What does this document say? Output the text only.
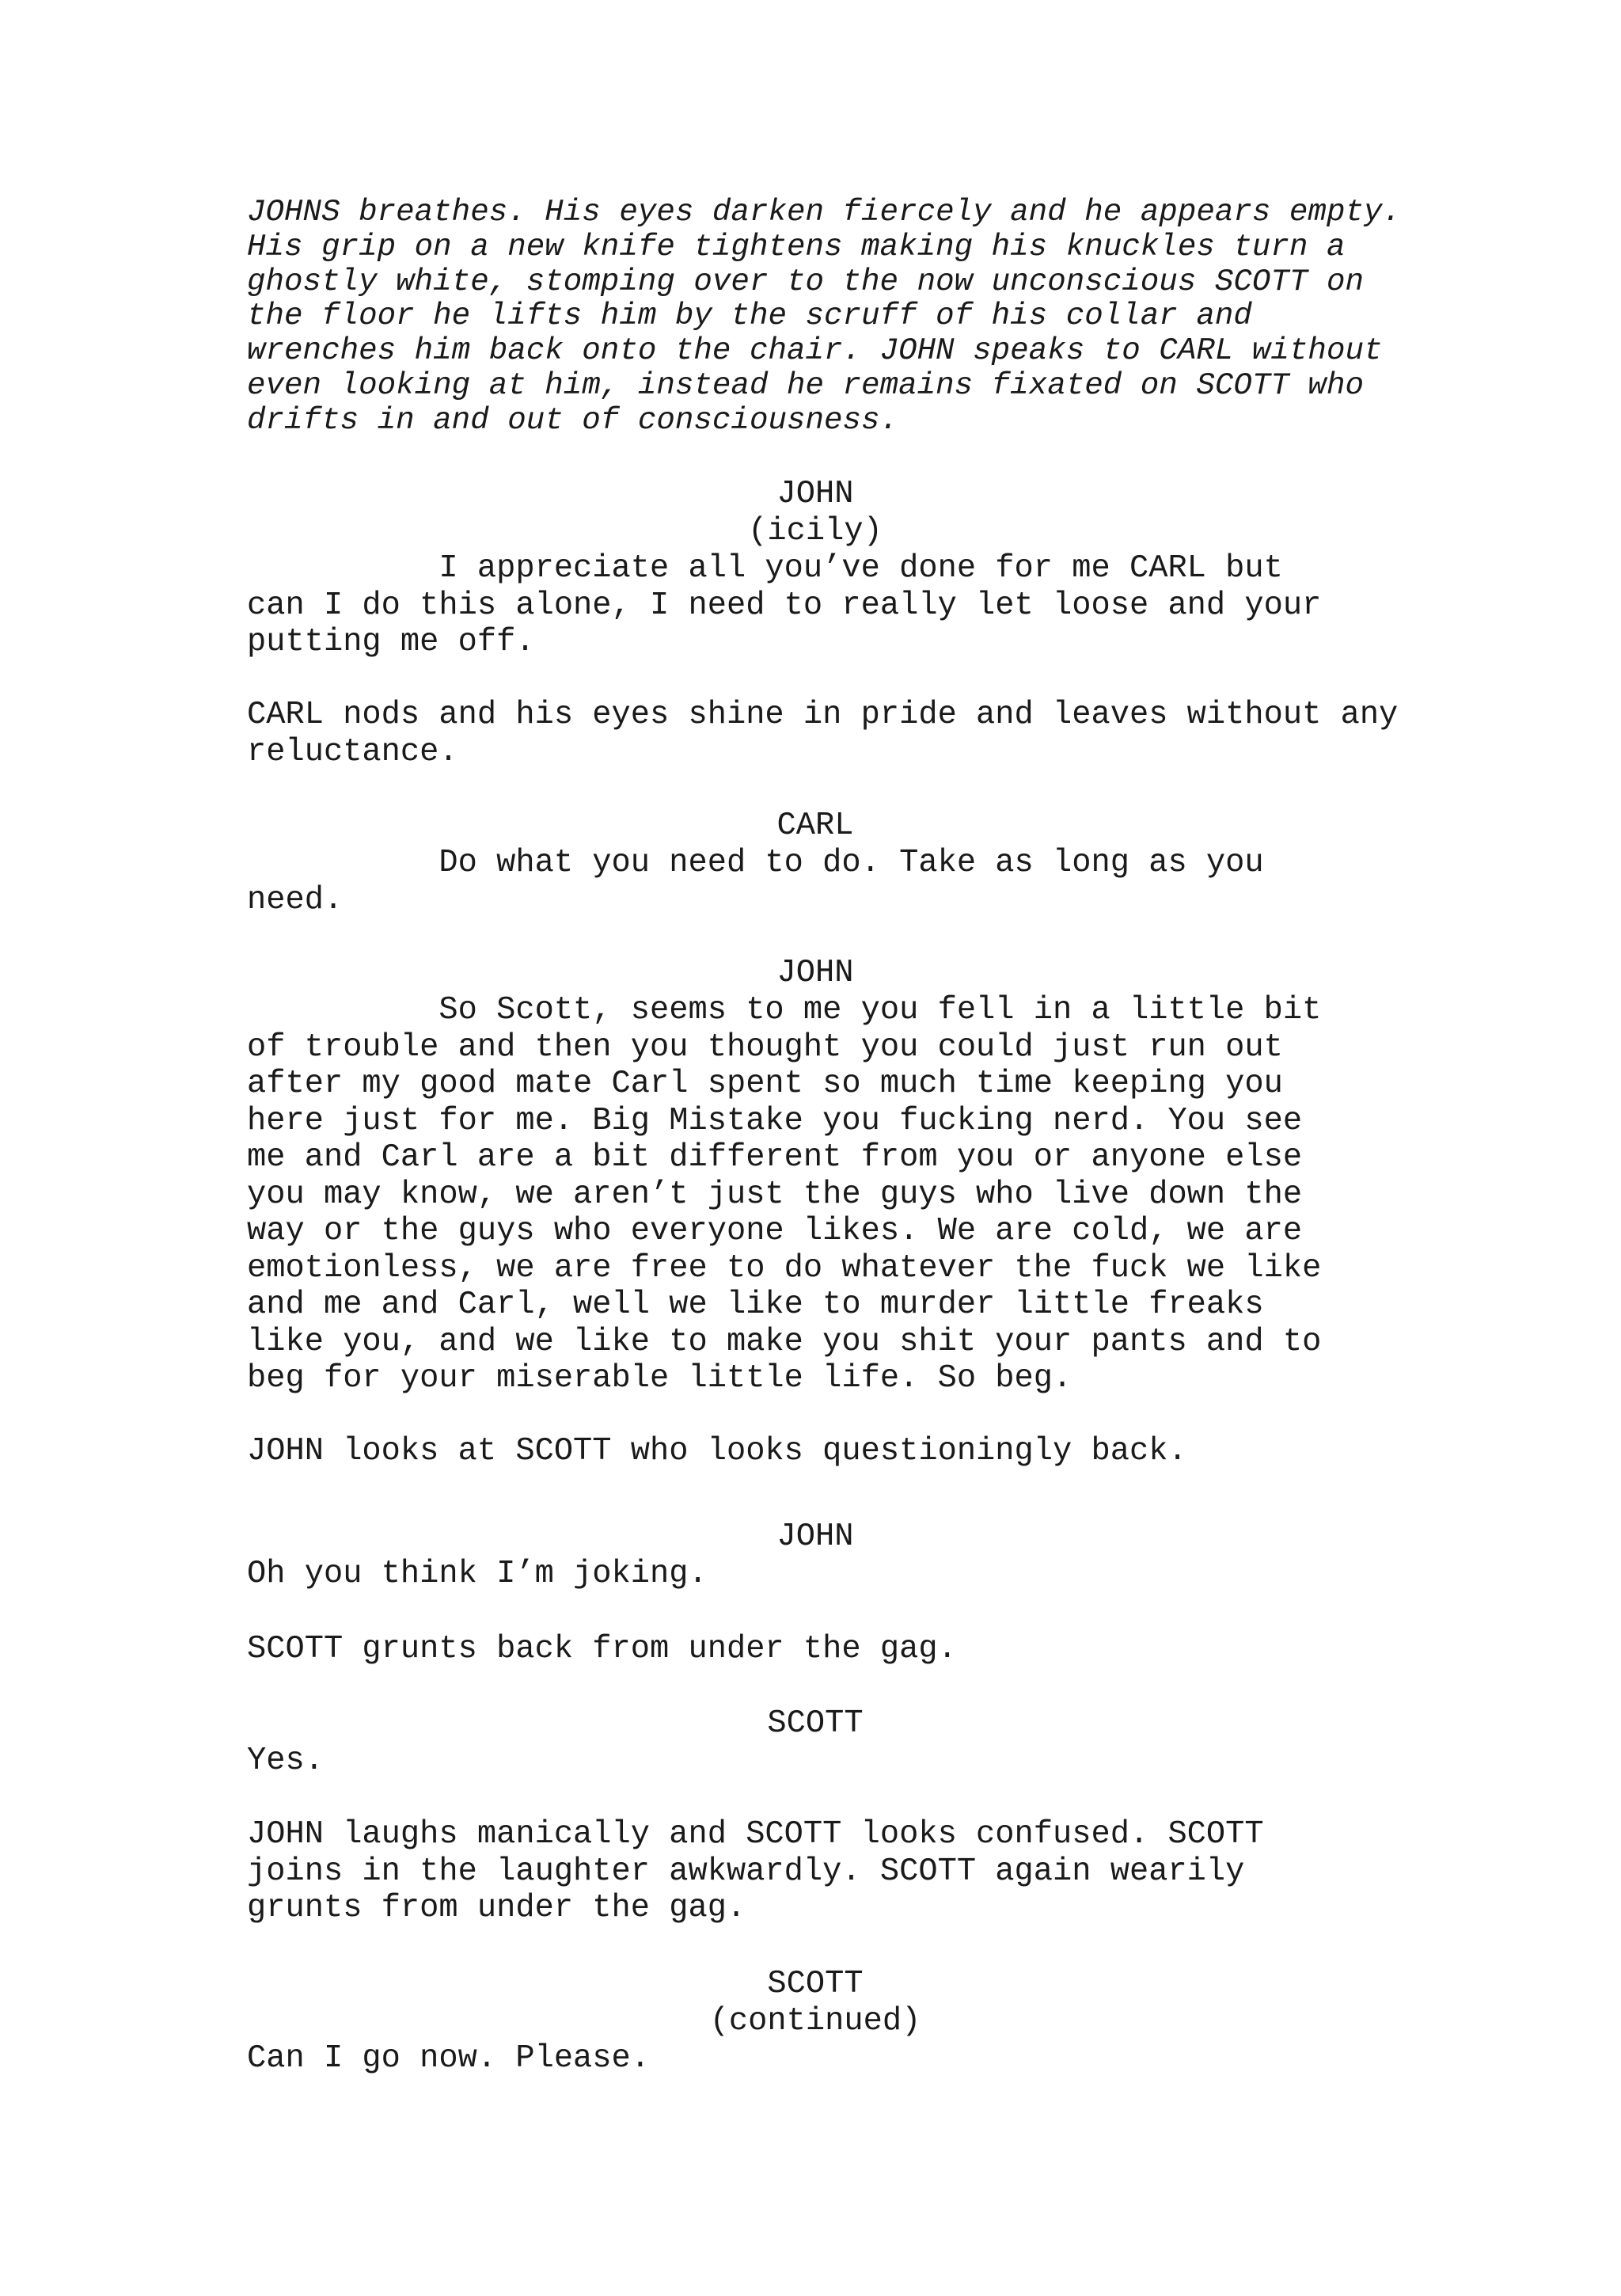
JOHNS breathes. His eyes darken fiercely and he appears empty.
His grip on a new knife tightens making his knuckles turn a
ghostly white, stomping over to the now unconscious SCOTT on
the floor he lifts him by the scruff of his collar and
wrenches him back onto the chair. JOHN speaks to CARL without
even looking at him, instead he remains fixated on SCOTT who
drifts in and out of consciousness.

JOHN

(icily)

I appreciate all you’ve done for me CARL but
can I do this alone, I need to really let loose and your
putting me off.

CARL nods and his eyes shine in pride and leaves without any
reluctance.

CARL

Do what you need to do. Take as long as you
need.

JOHN

So Scott, seems to me you fell in a little bit
of trouble and then you thought you could just run out
after my good mate Carl spent so much time keeping you
here just for me. Big Mistake you fucking nerd. You see
me and Carl are a bit different from you or anyone else
you may know, we aren’t just the guys who live down the
way or the guys who everyone likes. We are cold, we are
emotionless, we are free to do whatever the fuck we like
and me and Carl, well we like to murder little freaks
like you, and we like to make you shit your pants and to
beg for your miserable little life. So beg.

JOHN looks at SCOTT who looks questioningly back.

JOHN

Oh you think I’m joking.

SCOTT grunts back from under the gag.

SCOTT

Yes.

JOHN laughs manically and SCOTT looks confused. SCOTT
joins in the laughter awkwardly. SCOTT again wearily
grunts from under the gag.

SCOTT

(continued)

Can I go now. Please.
